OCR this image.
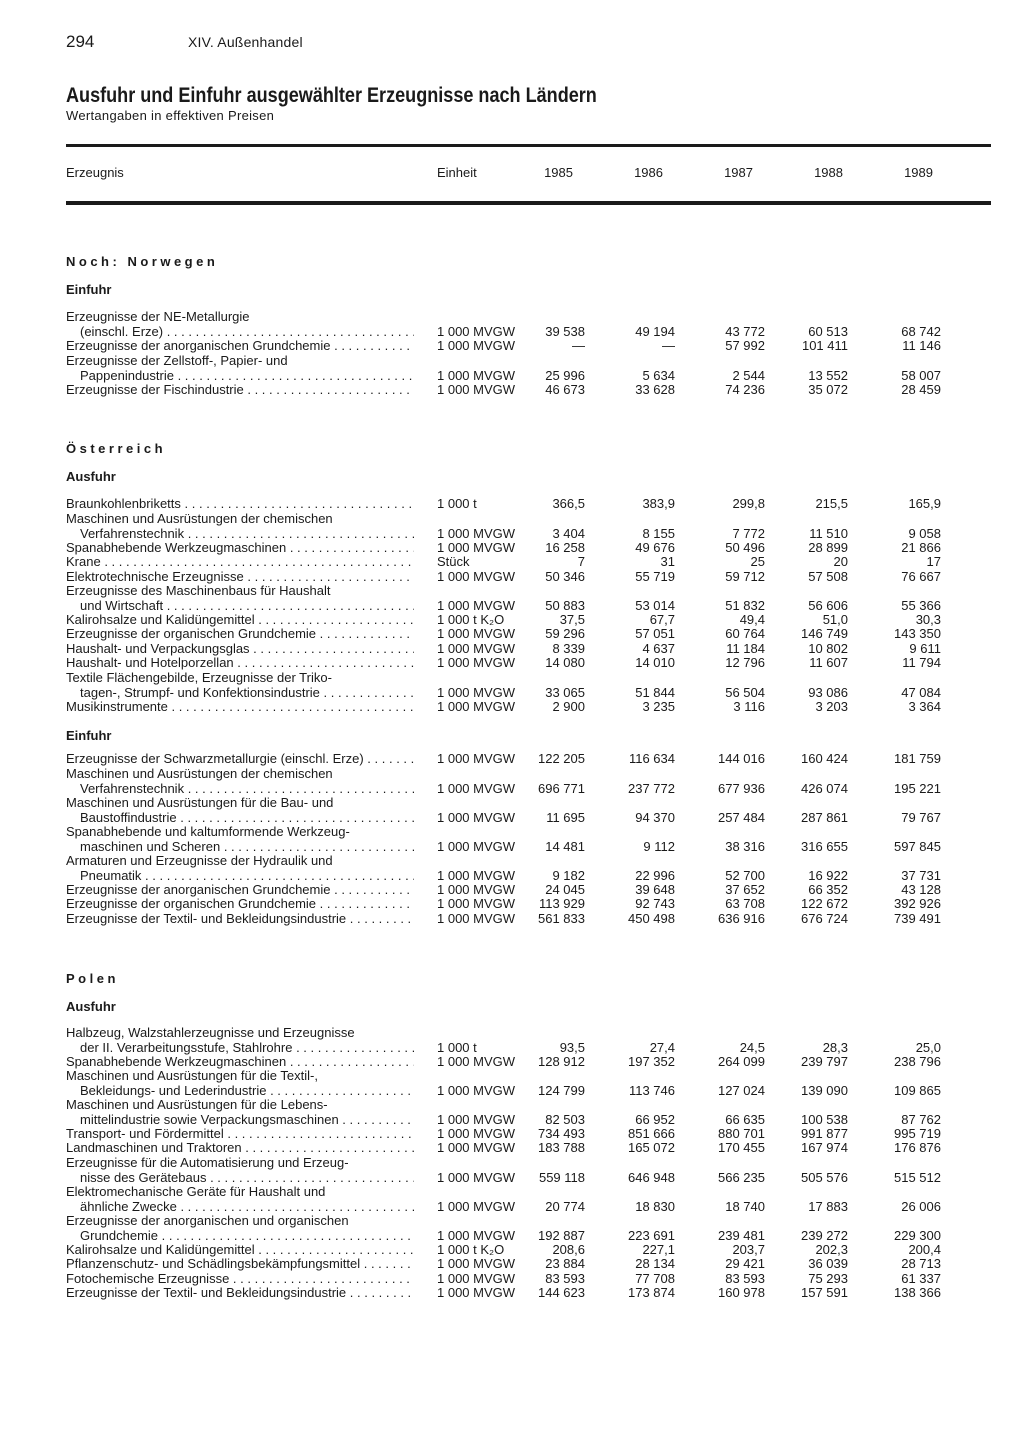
294	XIV. Außenhandel
Ausfuhr und Einfuhr ausgewählter Erzeugnisse nach Ländern
Wertangaben in effektiven Preisen
Erzeugnis	Einheit	1985	1986	1987	1988	1989
Noch: Norwegen
Einfuhr
Erzeugnisse der NE-Metallurgie
(einschl. Erze) . . .	1 000 MVGW	39 538	49 194	43 772	60 513	68 742
Erzeugnisse der anorganischen Grundchemie . . .	1 000 MVGW	—	—	57 992	101 411	11 146
Erzeugnisse der Zellstoff-, Papier- und
Pappenindustrie . . .	1 000 MVGW	25 996	5 634	2 544	13 552	58 007
Erzeugnisse der Fischindustrie . . .	1 000 MVGW	46 673	33 628	74 236	35 072	28 459
Österreich
Ausfuhr
Braunkohlenbriketts . . .	1 000 t	366,5	383,9	299,8	215,5	165,9
Maschinen und Ausrüstungen der chemischen
Verfahrenstechnik . . .	1 000 MVGW	3 404	8 155	7 772	11 510	9 058
Spanabhebende Werkzeugmaschinen . . .	1 000 MVGW	16 258	49 676	50 496	28 899	21 866
Krane . . .	Stück	7	31	25	20	17
Elektrotechnische Erzeugnisse . . .	1 000 MVGW	50 346	55 719	59 712	57 508	76 667
Erzeugnisse des Maschinenbaus für Haushalt
und Wirtschaft . . .	1 000 MVGW	50 883	53 014	51 832	56 606	55 366
Kalirohsalze und Kalidüngemittel . . .	1 000 t K₂O	37,5	67,7	49,4	51,0	30,3
Erzeugnisse der organischen Grundchemie . . .	1 000 MVGW	59 296	57 051	60 764	146 749	143 350
Haushalt- und Verpackungsglas . . .	1 000 MVGW	8 339	4 637	11 184	10 802	9 611
Haushalt- und Hotelporzellan . . .	1 000 MVGW	14 080	14 010	12 796	11 607	11 794
Textile Flächengebilde, Erzeugnisse der Triko-
tagen-, Strumpf- und Konfektionsindustrie . . .	1 000 MVGW	33 065	51 844	56 504	93 086	47 084
Musikinstrumente . . .	1 000 MVGW	2 900	3 235	3 116	3 203	3 364
Einfuhr
Erzeugnisse der Schwarzmetallurgie (einschl. Erze) . . .	1 000 MVGW	122 205	116 634	144 016	160 424	181 759
Maschinen und Ausrüstungen der chemischen
Verfahrenstechnik . . .	1 000 MVGW	696 771	237 772	677 936	426 074	195 221
Maschinen und Ausrüstungen für die Bau- und
Baustoffindustrie . . .	1 000 MVGW	11 695	94 370	257 484	287 861	79 767
Spanabhebende und kaltumformende Werkzeug-
maschinen und Scheren . . .	1 000 MVGW	14 481	9 112	38 316	316 655	597 845
Armaturen und Erzeugnisse der Hydraulik und
Pneumatik . . .	1 000 MVGW	9 182	22 996	52 700	16 922	37 731
Erzeugnisse der anorganischen Grundchemie . . .	1 000 MVGW	24 045	39 648	37 652	66 352	43 128
Erzeugnisse der organischen Grundchemie . . .	1 000 MVGW	113 929	92 743	63 708	122 672	392 926
Erzeugnisse der Textil- und Bekleidungsindustrie . . .	1 000 MVGW	561 833	450 498	636 916	676 724	739 491
Polen
Ausfuhr
Halbzeug, Walzstahlerzeugnisse und Erzeugnisse
der II. Verarbeitungsstufe, Stahlrohre . . .	1 000 t	93,5	27,4	24,5	28,3	25,0
Spanabhebende Werkzeugmaschinen . . .	1 000 MVGW	128 912	197 352	264 099	239 797	238 796
Maschinen und Ausrüstungen für die Textil-,
Bekleidungs- und Lederindustrie . . .	1 000 MVGW	124 799	113 746	127 024	139 090	109 865
Maschinen und Ausrüstungen für die Lebens-
mittelindustrie sowie Verpackungsmaschinen . . .	1 000 MVGW	82 503	66 952	66 635	100 538	87 762
Transport- und Fördermittel . . .	1 000 MVGW	734 493	851 666	880 701	991 877	995 719
Landmaschinen und Traktoren . . .	1 000 MVGW	183 788	165 072	170 455	167 974	176 876
Erzeugnisse für die Automatisierung und Erzeug-
nisse des Gerätebaus . . .	1 000 MVGW	559 118	646 948	566 235	505 576	515 512
Elektromechanische Geräte für Haushalt und
ähnliche Zwecke . . .	1 000 MVGW	20 774	18 830	18 740	17 883	26 006
Erzeugnisse der anorganischen und organischen
Grundchemie . . .	1 000 MVGW	192 887	223 691	239 481	239 272	229 300
Kalirohsalze und Kalidüngemittel . . .	1 000 t K₂O	208,6	227,1	203,7	202,3	200,4
Pflanzenschutz- und Schädlingsbekämpfungsmittel . . .	1 000 MVGW	23 884	28 134	29 421	36 039	28 713
Fotochemische Erzeugnisse . . .	1 000 MVGW	83 593	77 708	83 593	75 293	61 337
Erzeugnisse der Textil- und Bekleidungsindustrie . . .	1 000 MVGW	144 623	173 874	160 978	157 591	138 366
